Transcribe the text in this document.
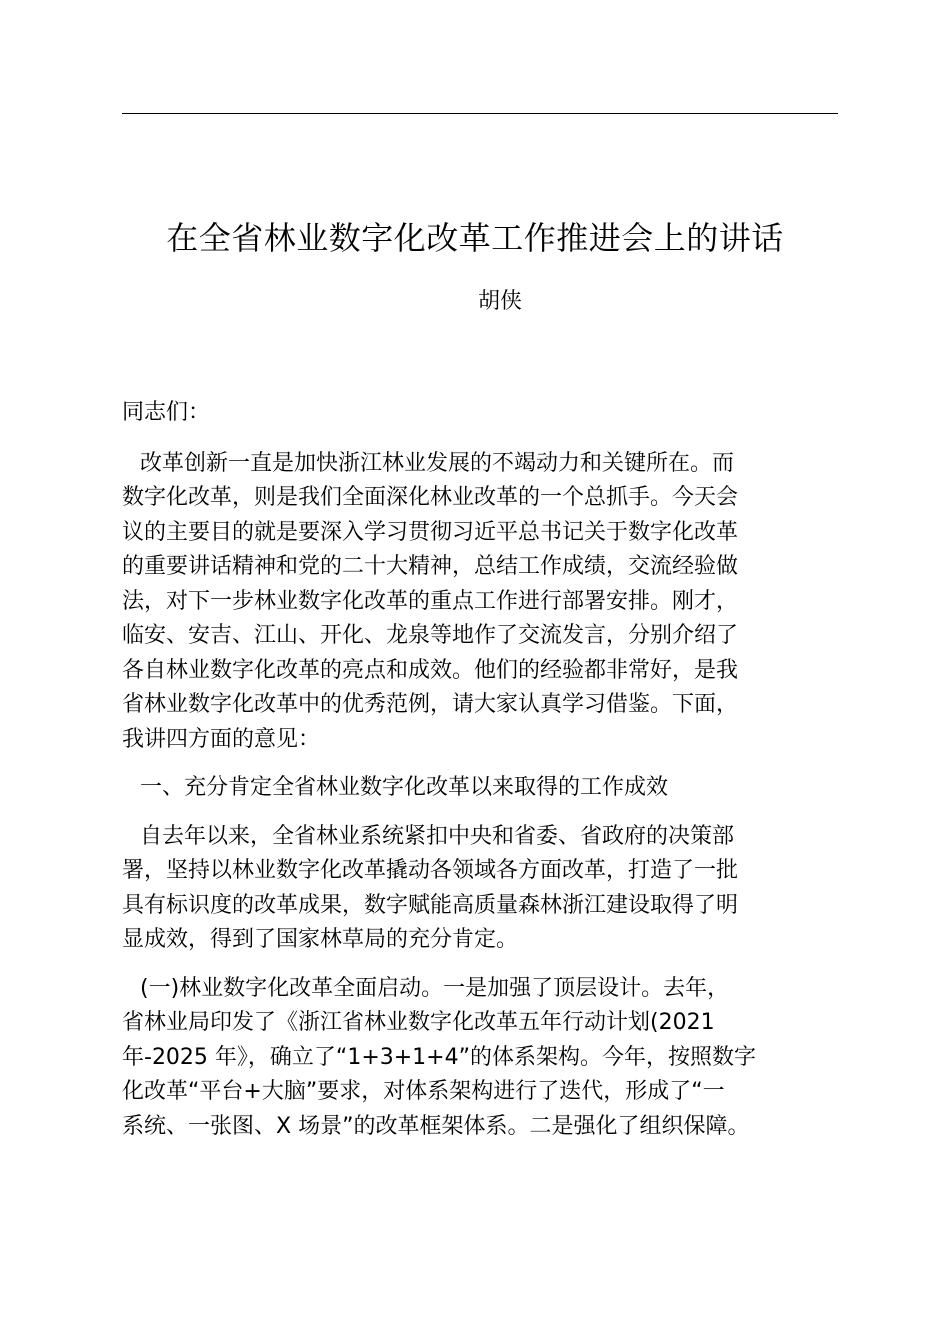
在全省林业数字化改革工作推进会上的讲话
胡侠

同志们：

改革创新一直是加快浙江林业发展的不竭动力和关键所在。而
数字化改革，则是我们全面深化林业改革的一个总抓手。今天会
议的主要目的就是要深入学习贯彻习近平总书记关于数字化改革
的重要讲话精神和党的二十大精神，总结工作成绩，交流经验做
法，对下一步林业数字化改革的重点工作进行部署安排。刚才，
临安、安吉、江山、开化、龙泉等地作了交流发言，分别介绍了
各自林业数字化改革的亮点和成效。他们的经验都非常好，是我
省林业数字化改革中的优秀范例，请大家认真学习借鉴。下面，
我讲四方面的意见：

一、充分肯定全省林业数字化改革以来取得的工作成效

自去年以来，全省林业系统紧扣中央和省委、省政府的决策部
署，坚持以林业数字化改革撬动各领域各方面改革，打造了一批
具有标识度的改革成果，数字赋能高质量森林浙江建设取得了明
显成效，得到了国家林草局的充分肯定。

(一)林业数字化改革全面启动。一是加强了顶层设计。去年，
省林业局印发了《浙江省林业数字化改革五年行动计划(2021
年-2025 年》，确立了“1+3+1+4”的体系架构。今年，按照数字
化改革“平台+大脑”要求，对体系架构进行了迭代，形成了“一
系统、一张图、X 场景”的改革框架体系。二是强化了组织保障。
